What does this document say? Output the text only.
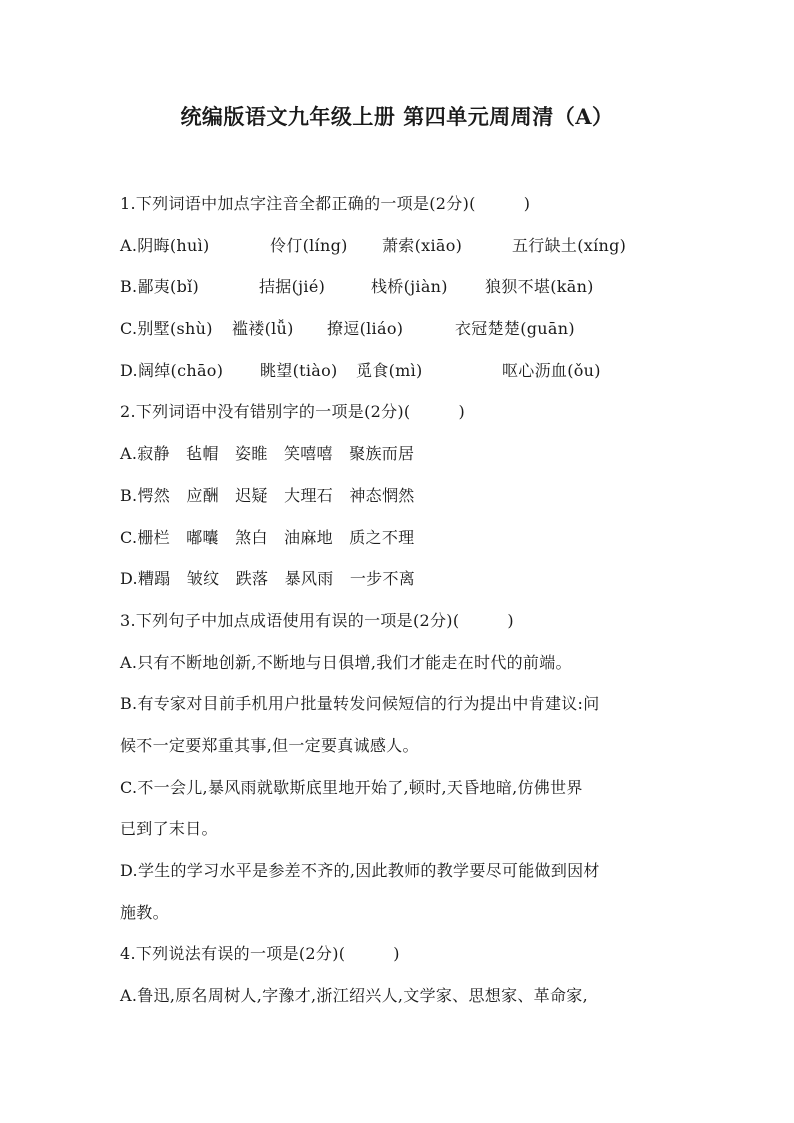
统编版语文九年级上册 第四单元周周清（A）
1.下列词语中加点字注音全都正确的一项是(2分)(	)
A.阴晦(huì)	伶仃(líng)	萧索(xiāo)	五行缺土(xíng)
B.鄙夷(bǐ)	拮据(jié)	栈桥(jiàn)	狼狈不堪(kān)
C.别墅(shù)	褴褛(lǚ)	撩逗(liáo)	衣冠楚楚(guān)
D.阔绰(chāo)	眺望(tiào)	觅食(mì)	呕心沥血(ǒu)
2.下列词语中没有错别字的一项是(2分)(	)
A.寂静　毡帽　姿睢　笑嘻嘻　聚族而居
B.愕然　应酬　迟疑　大理石　神态惘然
C.栅栏　嘟囔　煞白　油麻地　质之不理
D.糟蹋　皱纹　跌落　暴风雨　一步不离
3.下列句子中加点成语使用有误的一项是(2分)(	)
A.只有不断地创新,不断地与日俱增,我们才能走在时代的前端。
B.有专家对目前手机用户批量转发问候短信的行为提出中肯建议:问
候不一定要郑重其事,但一定要真诚感人。
C.不一会儿,暴风雨就歇斯底里地开始了,顿时,天昏地暗,仿佛世界
已到了末日。
D.学生的学习水平是参差不齐的,因此教师的教学要尽可能做到因材
施教。
4.下列说法有误的一项是(2分)(	)
A.鲁迅,原名周树人,字豫才,浙江绍兴人,文学家、思想家、革命家,
